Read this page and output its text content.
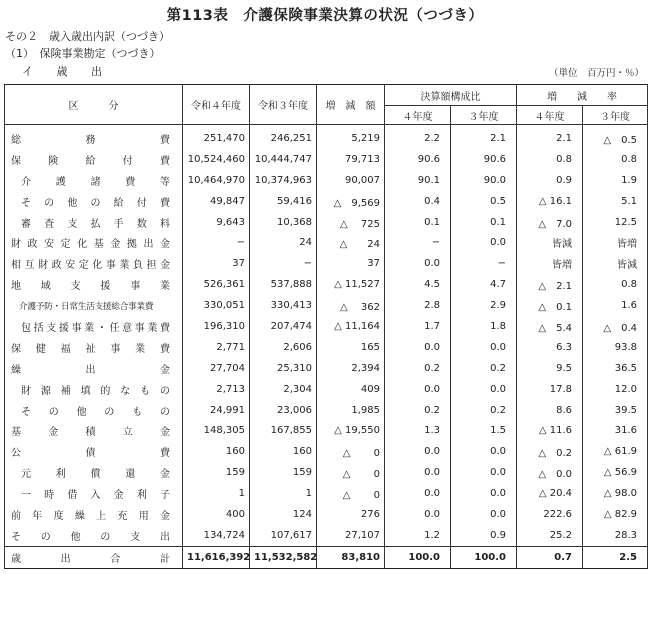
第113表　介護保険事業決算の状況（つづき）
その２　歳入歳出内訳（つづき）
（1）　保険事業勘定（つづき）
イ 歳 出	（単位　百万円・％）
区　　　分	令和４年度	令和３年度	増　減　額	決算額構成比		増　　減　　率	
				４年度	３年度	４年度	３年度
総　　務　　費	251,470	246,251	5,219	2.2	2.1	2.1	△　0.5
保険給付費	10,524,460	10,444,747	79,713	90.6	90.6	0.8	0.8
介護諸費等	10,464,970	10,374,963	90,007	90.1	90.0	0.9	1.9
その他の給付費	49,847	59,416	△　9,569	0.4	0.5	△ 16.1	5.1
審査支払手数料	9,643	10,368	△　 725	0.1	0.1	△　7.0	12.5
財政安定化基金拠出金	−	24	△　　24	−	0.0	皆減	皆増
相互財政安定化事業負担金	37	−	37	0.0	−	皆増	皆減
地域支援事業	526,361	537,888	△ 11,527	4.5	4.7	△　2.1	0.8
介護予防・日常生活支援総合事業費	330,051	330,413	△　 362	2.8	2.9	△　0.1	1.6
包括支援事業・任意事業費	196,310	207,474	△ 11,164	1.7	1.8	△　5.4	△　0.4
保健福祉事業費	2,771	2,606	165	0.0	0.0	6.3	93.8
繰　　出　　金	27,704	25,310	2,394	0.2	0.2	9.5	36.5
財源補填的なもの	2,713	2,304	409	0.0	0.0	17.8	12.0
その他のもの	24,991	23,006	1,985	0.2	0.2	8.6	39.5
基金積立金	148,305	167,855	△ 19,550	1.3	1.5	△ 11.6	31.6
公　　　　債　　　　費	160	160	△　　 0	0.0	0.0	△　0.2	△ 61.9
元利償還金	159	159	△　　 0	0.0	0.0	△　0.0	△ 56.9
一時借入金利子	1	1	△　　 0	0.0	0.0	△ 20.4	△ 98.0
前年度繰上充用金	400	124	276	0.0	0.0	222.6	△ 82.9
そ　の　他　の　支　出	134,724	107,617	27,107	1.2	0.9	25.2	28.3
歳　　出　　合　　計	11,616,392	11,532,582	83,810	100.0	100.0	0.7	2.5
